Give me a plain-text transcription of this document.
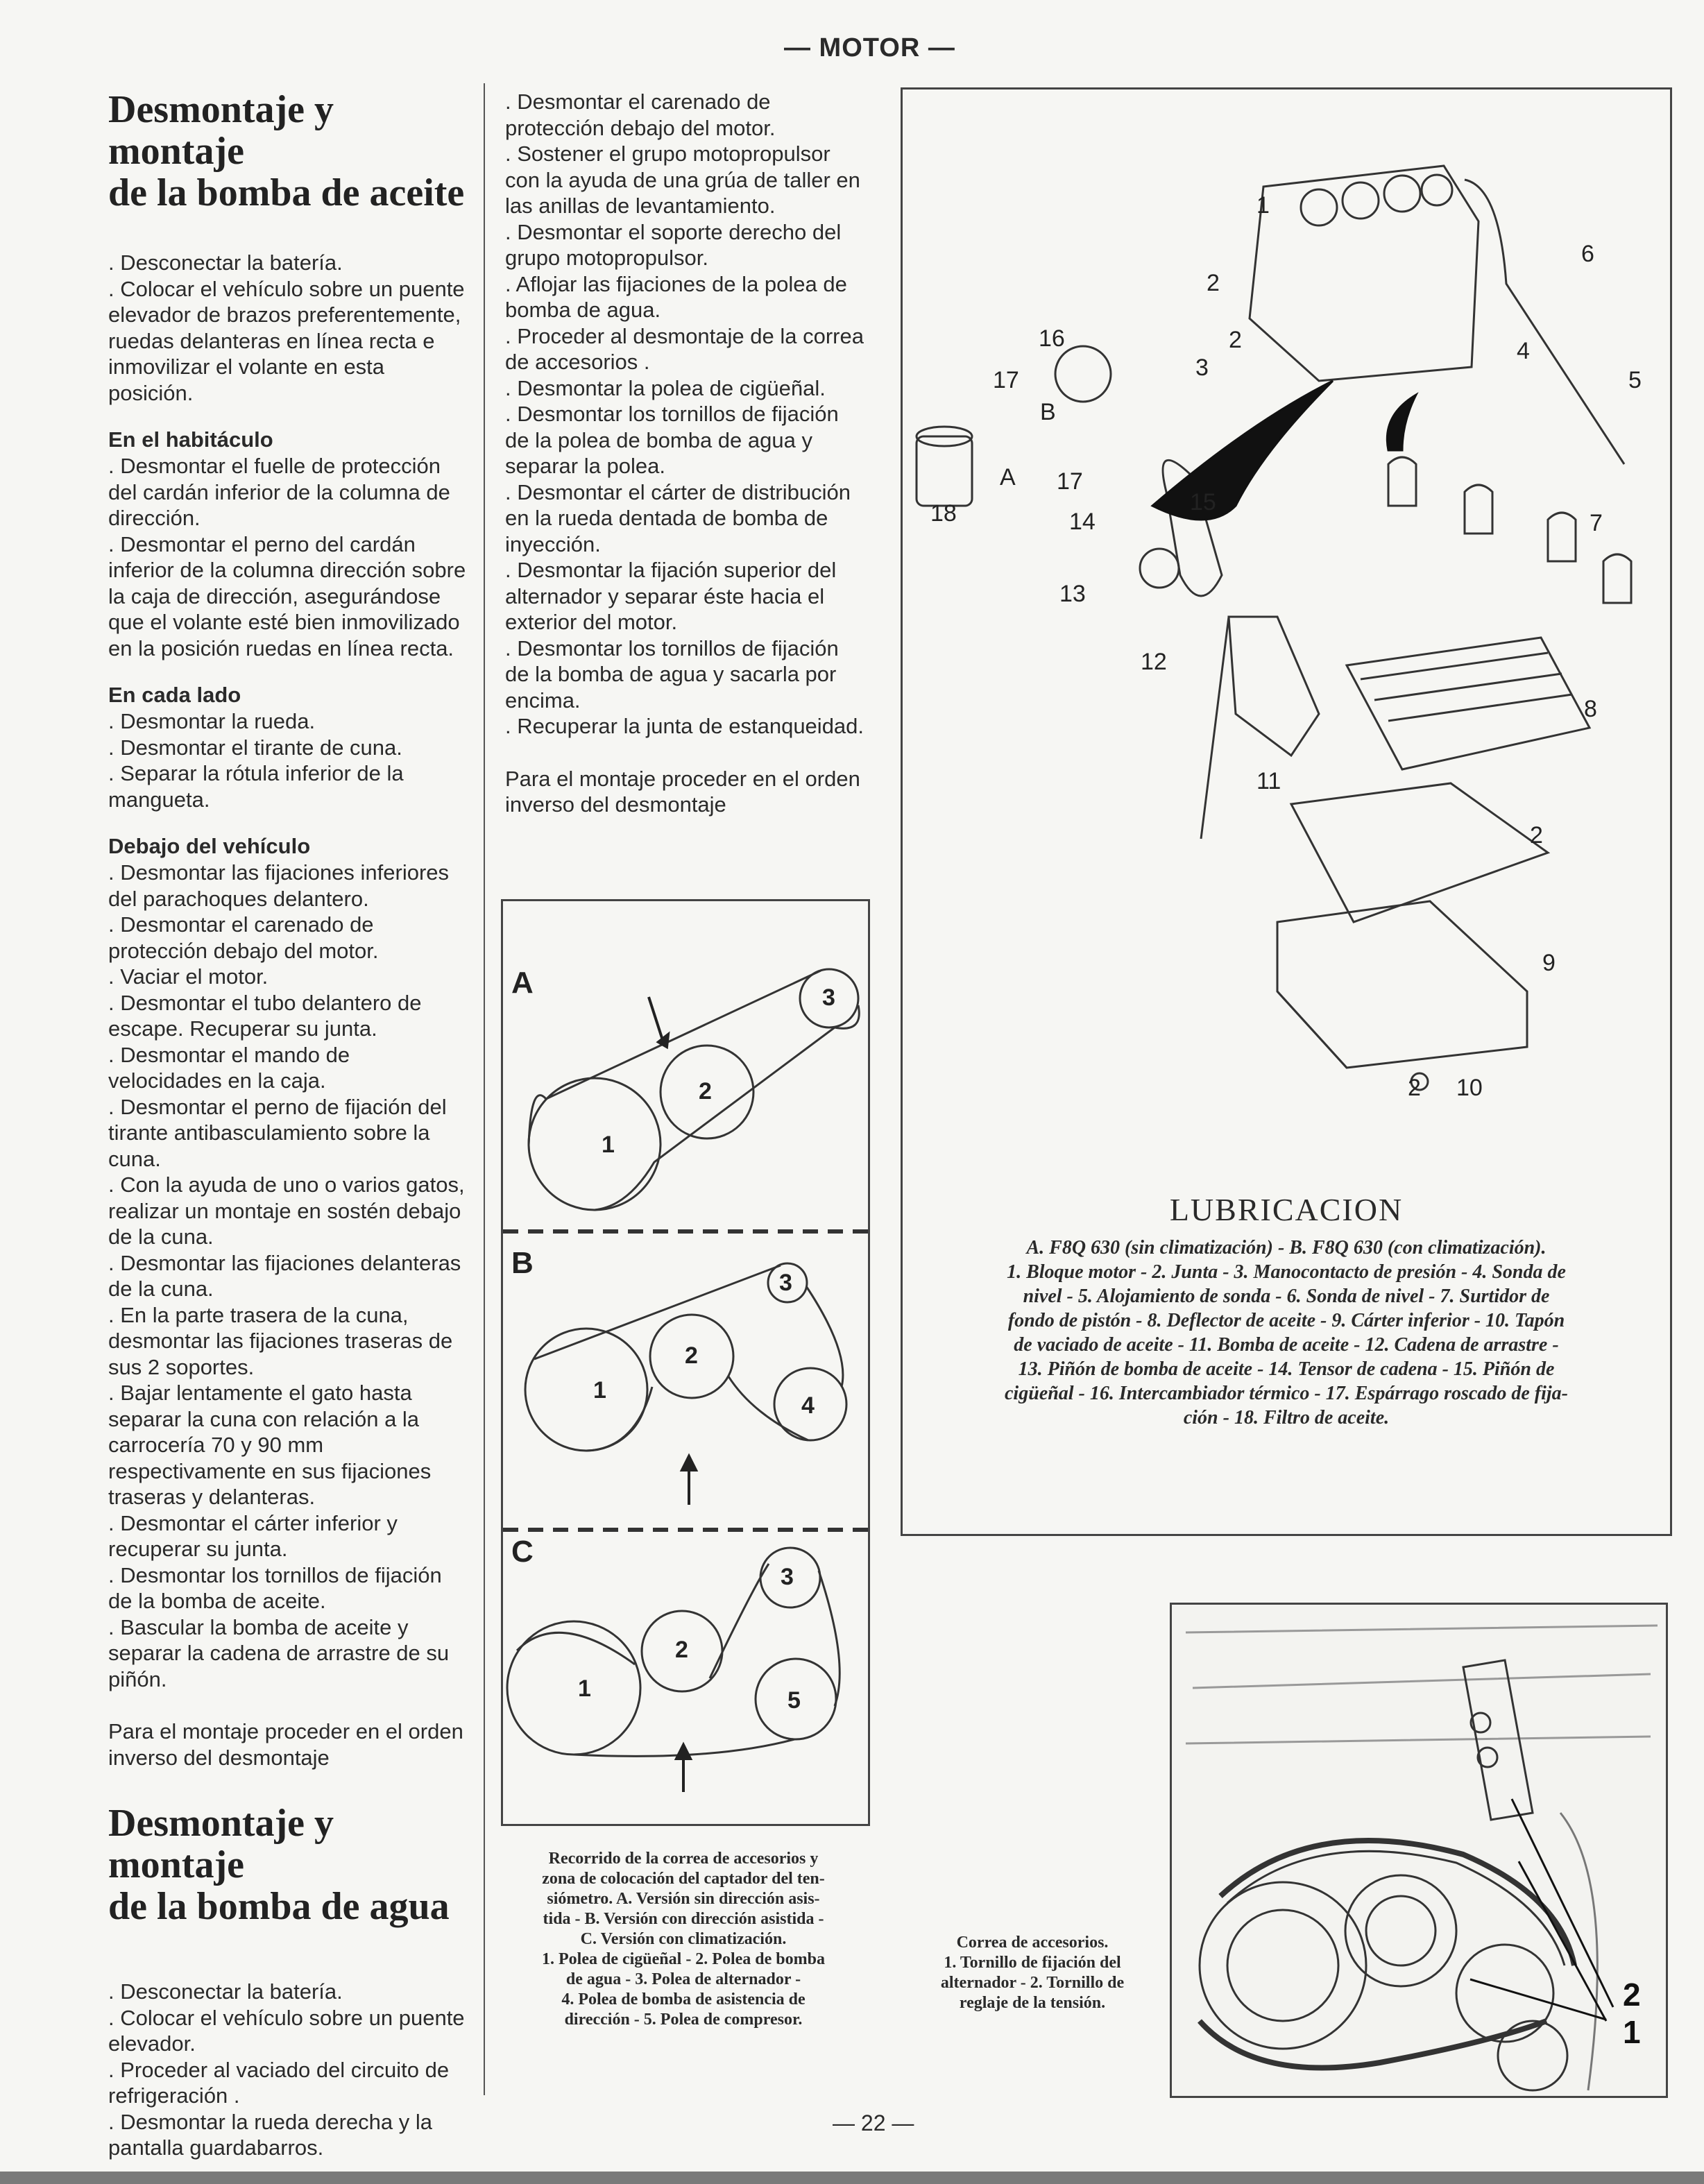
— MOTOR —
Desmontaje y montaje
de la bomba de aceite

. Desconectar la batería.

. Colocar el vehículo sobre un puente elevador de brazos preferentemente, ruedas delanteras en línea recta e inmovilizar el volante en esta posición.

En el habitáculo

. Desmontar el fuelle de protección del cardán inferior de la columna de dirección.

. Desmontar el perno del cardán inferior de la columna dirección sobre la caja de dirección, asegurándose que el volante esté bien inmovilizado en la posición ruedas en línea recta.

En cada lado

. Desmontar la rueda.

. Desmontar el tirante de cuna.

. Separar la rótula inferior de la mangueta.

Debajo del vehículo

. Desmontar las fijaciones inferiores del parachoques delantero.

. Desmontar el carenado de protección debajo del motor.

. Vaciar el motor.

. Desmontar el tubo delantero de escape. Recuperar su junta.

. Desmontar el mando de velocidades en la caja.

. Desmontar el perno de fijación del tirante antibasculamiento sobre la cuna.

. Con la ayuda de uno o varios gatos, realizar un montaje en sostén debajo de la cuna.

. Desmontar las fijaciones delanteras de la cuna.

. En la parte trasera de la cuna, desmontar las fijaciones traseras de sus 2 soportes.

. Bajar lentamente el gato hasta separar la cuna con relación a la carrocería 70 y 90 mm respectivamente en sus fijaciones traseras y delanteras.

. Desmontar el cárter inferior y recuperar su junta.

. Desmontar los tornillos de fijación de la bomba de aceite.

. Bascular la bomba de aceite y separar la cadena de arrastre de su piñón.

Para el montaje proceder en el orden inverso del desmontaje

Desmontaje y montaje
de la bomba de agua

. Desconectar la batería.

. Colocar el vehículo sobre un puente elevador.

. Proceder al vaciado del circuito de refrigeración .

. Desmontar la rueda derecha y la pantalla guardabarros.

. Desmontar el carenado de protección debajo del motor.

. Sostener el grupo motopropulsor con la ayuda de una grúa de taller en las anillas de levantamiento.

. Desmontar el soporte derecho del grupo motopropulsor.

. Aflojar las fijaciones de la polea de bomba de agua.

. Proceder al desmontaje de la correa de accesorios .

. Desmontar la polea de cigüeñal.

. Desmontar los tornillos de fijación de la polea de bomba de agua y separar la polea.

. Desmontar el cárter de distribución en la rueda dentada de bomba de inyección.

. Desmontar la fijación superior del alternador y separar éste hacia el exterior del motor.

. Desmontar los tornillos de fijación de la bomba de agua y sacarla por encima.

. Recuperar la junta de estanqueidad.

Para el montaje proceder en el orden inverso del desmontaje

A
B
C
1
2
3
1
2
3
4
1
2
3
5
Recorrido de la correa de accesorios y
zona de colocación del captador del ten-
siómetro. A. Versión sin dirección asis-
tida - B. Versión con dirección asistida -
C. Versión con climatización.
1. Polea de cigüeñal - 2. Polea de bomba
de agua - 3. Polea de alternador -
4. Polea de bomba de asistencia de
dirección - 5. Polea de compresor.
1
2
2
3
4
5
6
7
8
9
10
11
12
13
14
15
16
17
17
18
2
2
A
B
LUBRICACION
A. F8Q 630 (sin climatización) - B. F8Q 630 (con climatización).
1. Bloque motor - 2. Junta - 3. Manocontacto de presión - 4. Sonda de
nivel - 5. Alojamiento de sonda - 6. Sonda de nivel - 7. Surtidor de
fondo de pistón - 8. Deflector de aceite - 9. Cárter inferior - 10. Tapón
de vaciado de aceite - 11. Bomba de aceite - 12. Cadena de arrastre -
13. Piñón de bomba de aceite - 14. Tensor de cadena - 15. Piñón de
cigüeñal - 16. Intercambiador térmico - 17. Espárrago roscado de fija-
ción - 18. Filtro de aceite.
Correa de accesorios.
1. Tornillo de fijación del
alternador - 2. Tornillo de
reglaje de la tensión.	2
1
— 22 —
